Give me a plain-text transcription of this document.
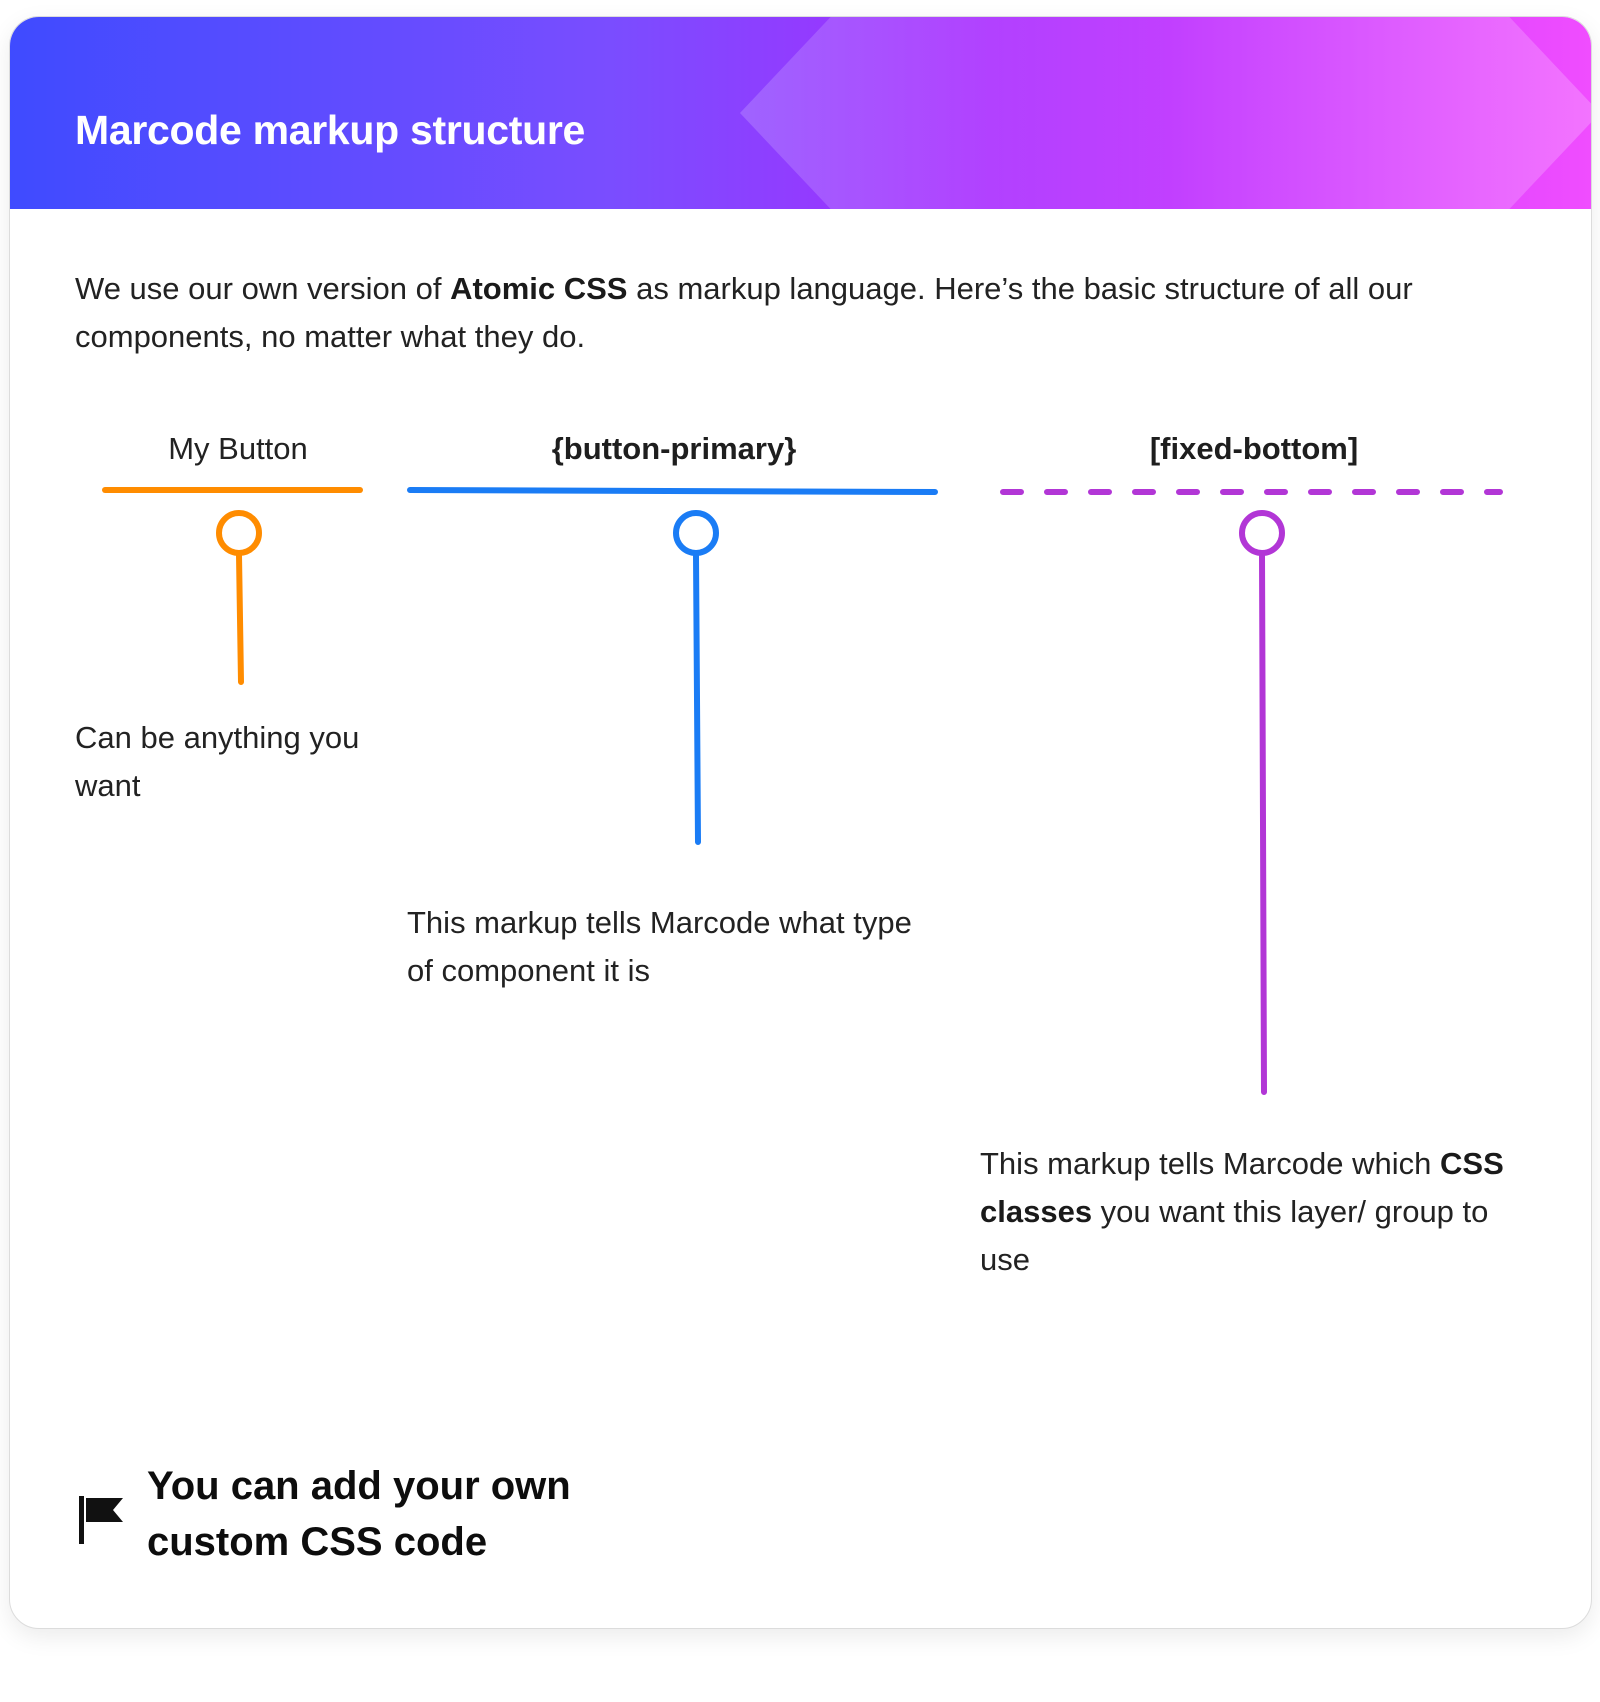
Marcode markup structure
We use our own version of Atomic CSS as markup language. Here’s the basic structure of all our components, no matter what they do.
My Button	{button-primary}	[fixed-bottom]
Can be anything you want
This markup tells Marcode what type of component it is
This markup tells Marcode which CSS classes you want this layer/ group to use
You can add your own custom CSS code
